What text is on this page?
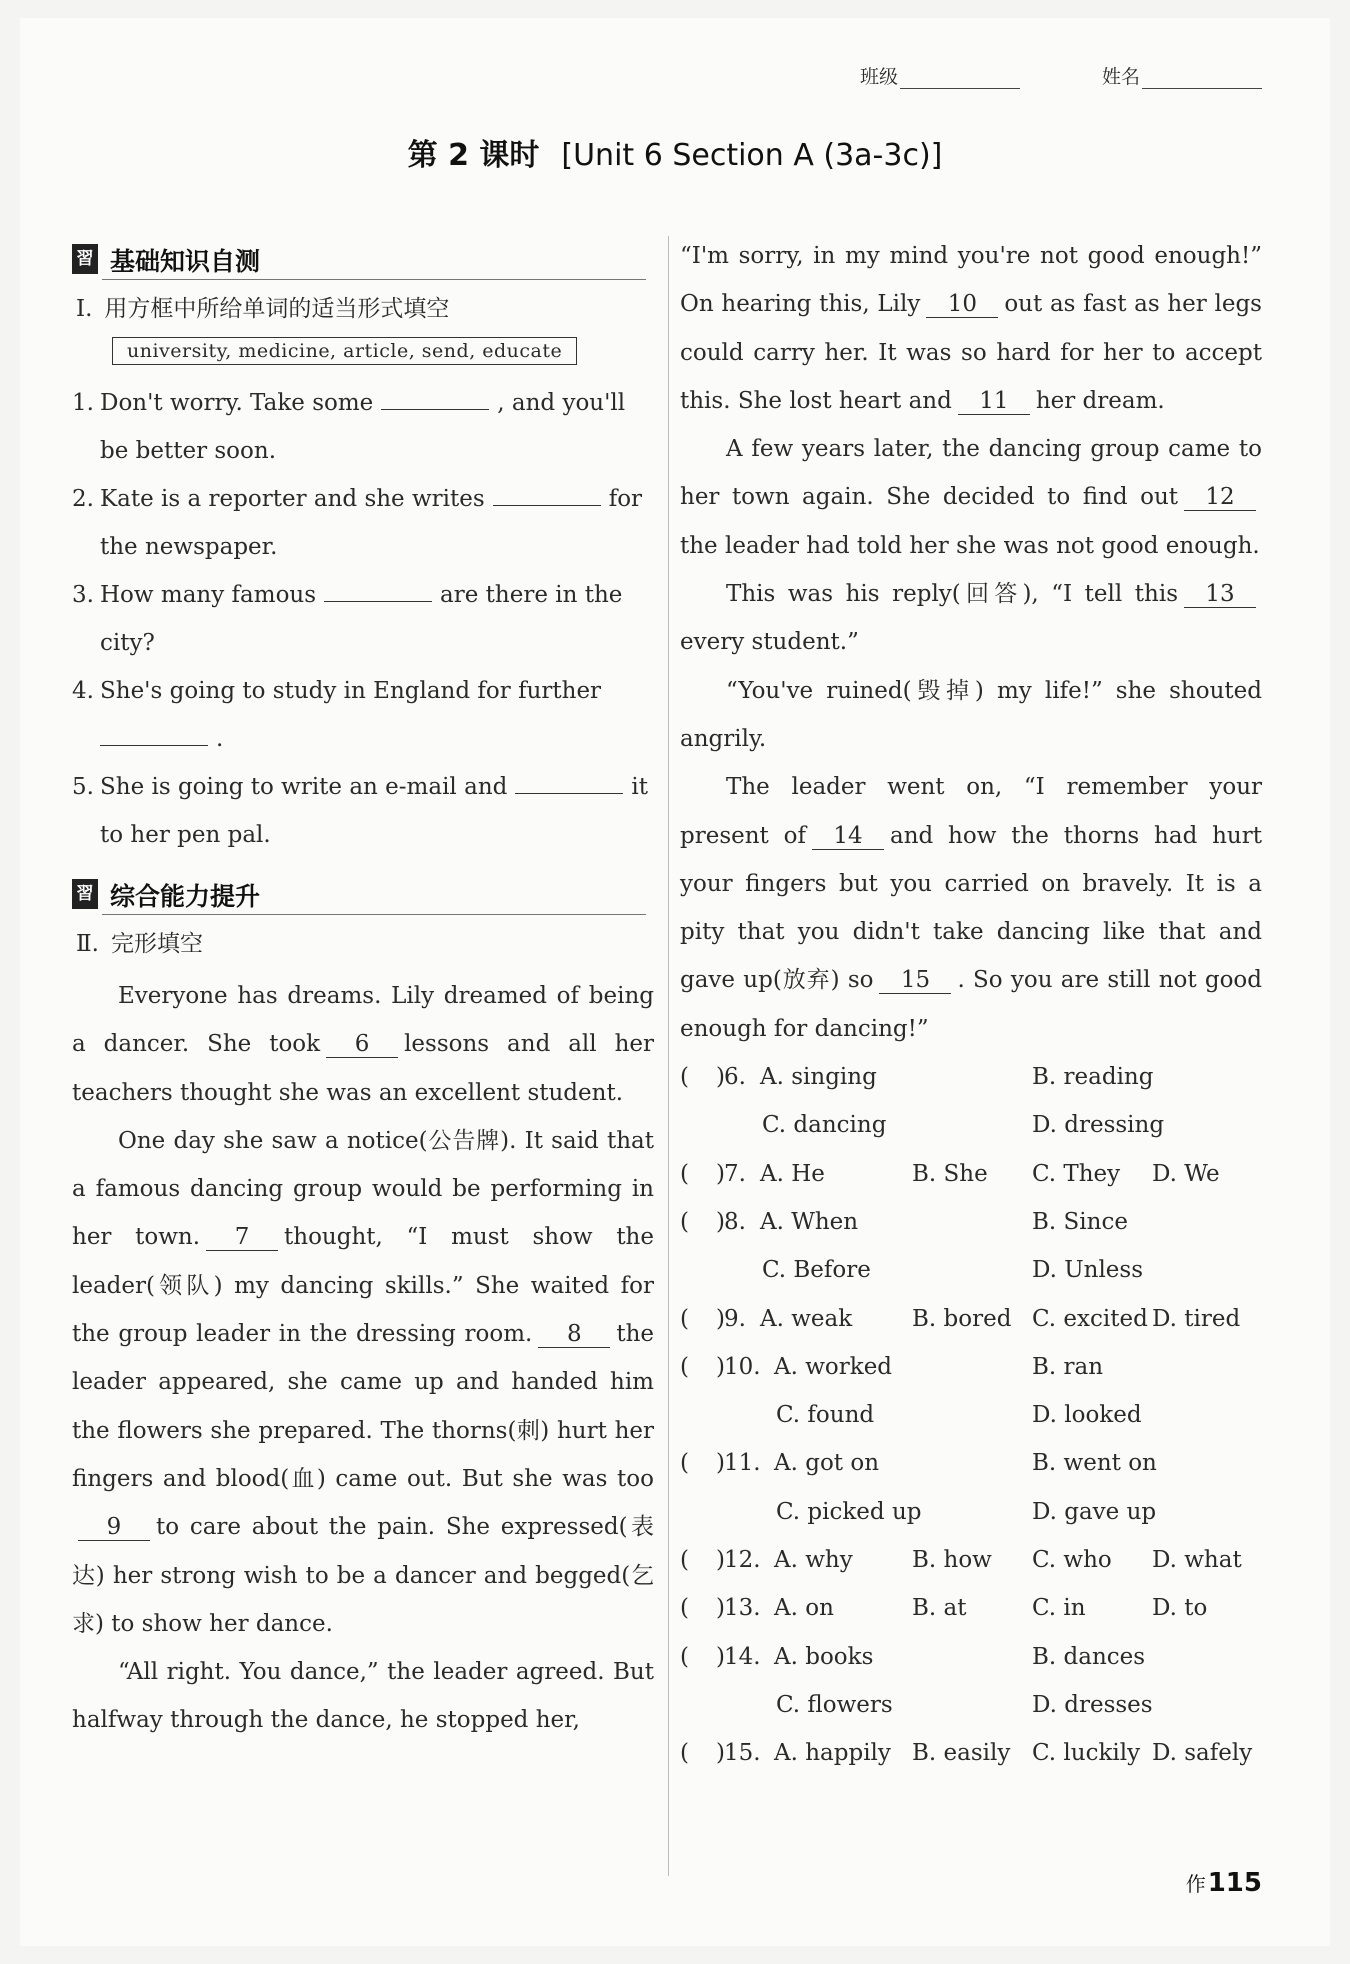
班级	姓名
第 2 课时 [Unit 6 Section A (3a-3c)]
習 基础知识自测
Ⅰ. 用方框中所给单词的适当形式填空
university, medicine, article, send, educate
1. Don't worry. Take some	, and you'll
be better soon.
2. Kate is a reporter and she writes	for
the newspaper.
3. How many famous	are there in the
city?
4. She's going to study in England for further
.
5. She is going to write an e-mail and	it
to her pen pal.
習 综合能力提升
Ⅱ. 完形填空

Everyone has dreams. Lily dreamed of being a dancer. She took 6 lessons and all her teachers thought she was an excellent student.

One day she saw a notice(公告牌). It said that a famous dancing group would be performing in her town. 7 thought, “I must show the leader(领队) my dancing skills.” She waited for the group leader in the dressing room. 8 the leader appeared, she came up and handed him the flowers she prepared. The thorns(刺) hurt her fingers and blood(血) came out. But she was too9 to care about the pain. She expressed(表达) her strong wish to be a dancer and begged(乞求) to show her dance.

“All right. You dance,” the leader agreed. But halfway through the dance, he stopped her,

“I'm sorry, in my mind you're not good enough!” On hearing this, Lily 10 out as fast as her legs could carry her. It was so hard for her to accept this. She lost heart and 11 her dream.

A few years later, the dancing group came to her town again. She decided to find out 12the leader had told her she was not good enough.

This was his reply(回答), “I tell this 13every student.”

“You've ruined(毁掉) my life!” she shouted angrily.

The leader went on, “I remember your present of 14 and how the thorns had hurt your fingers but you carried on bravely. It is a pity that you didn't take dancing like that and gave up(放弃) so 15 . So you are still not good enough for dancing!”

( ) 6. A. singing	B. reading
C. dancing	D. dressing
( ) 7. A. He	B. She C. They D. We
( ) 8. A. When	B. Since
C. Before	D. Unless
( ) 9. A. weak	B. bored C. excited D. tired
( ) 10. A. worked	B. ran
C. found	D. looked
( ) 11. A. got on	B. went on
C. picked up	D. gave up
( ) 12. A. why	B. how C. who D. what
( ) 13. A. on	B. at	C. in	D. to
( ) 14. A. books	B. dances
C. flowers	D. dresses
( ) 15. A. happily B. easily C. luckily D. safely
作115
